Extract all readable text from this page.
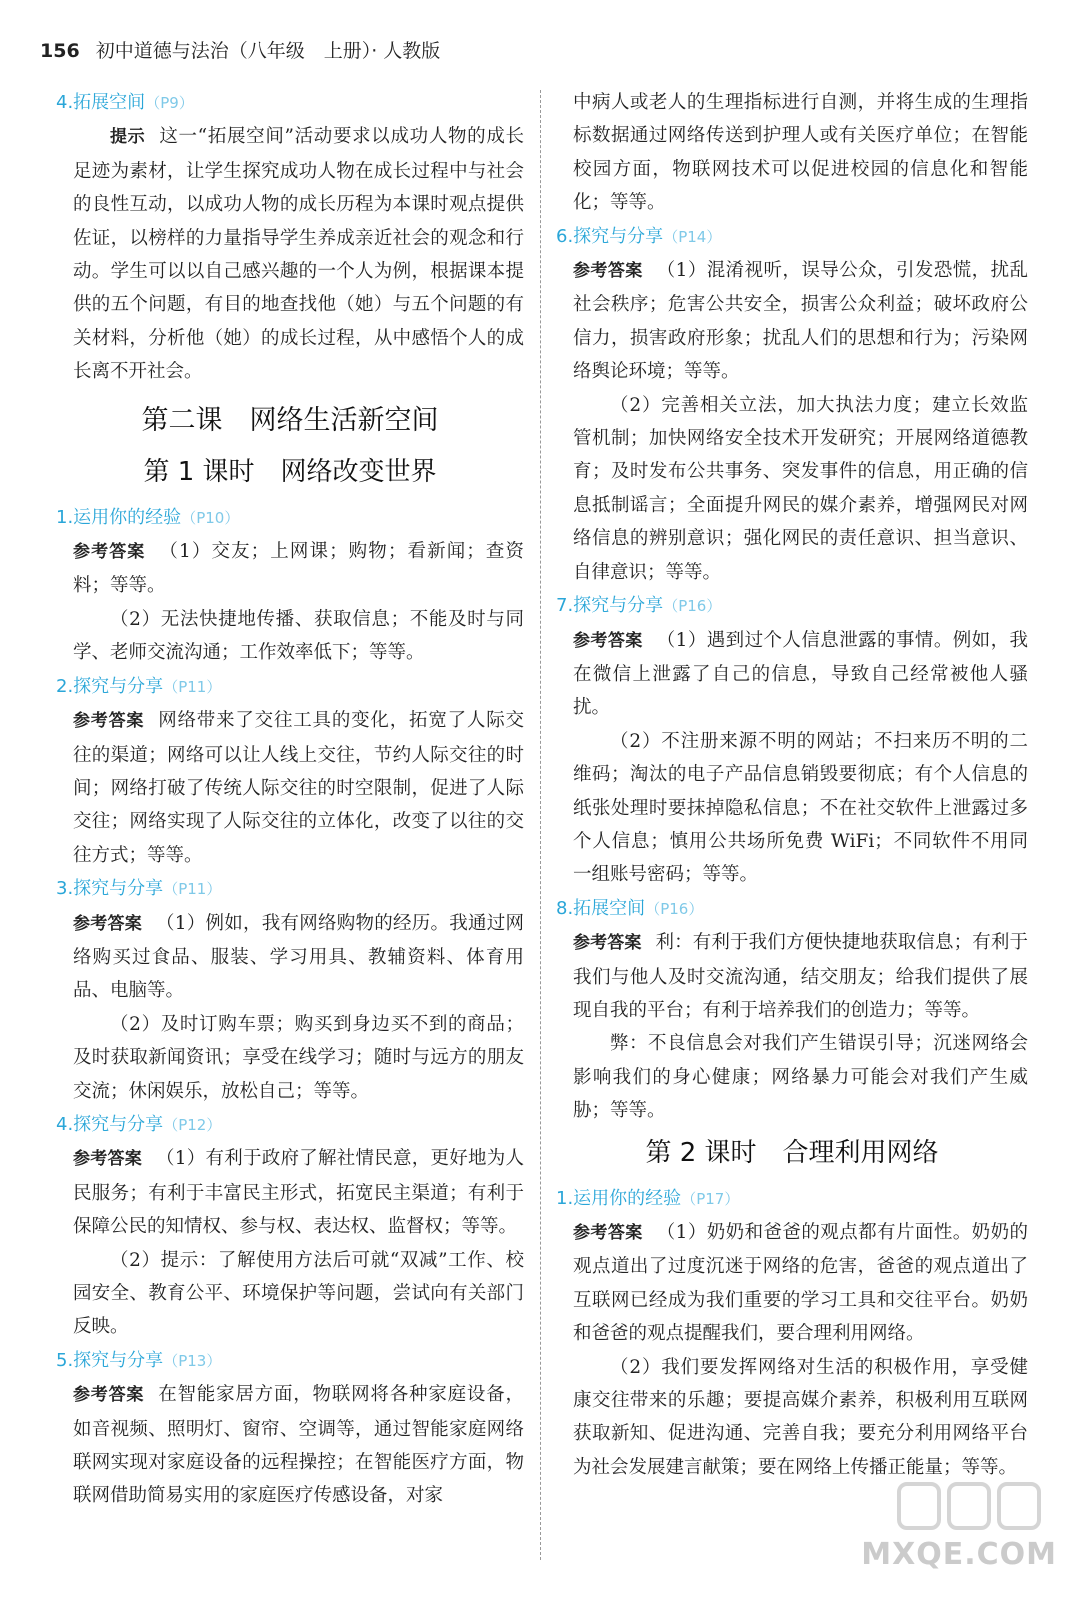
156 初中道德与法治（八年级　上册）· 人教版

4.拓展空间（P9）

提示 这一“拓展空间”活动要求以成功人物的成长足迹为素材，让学生探究成功人物在成长过程中与社会的良性互动，以成功人物的成长历程为本课时观点提供佐证，以榜样的力量指导学生养成亲近社会的观念和行动。学生可以以自己感兴趣的一个人为例，根据课本提供的五个问题，有目的地查找他（她）与五个问题的有关材料，分析他（她）的成长过程，从中感悟个人的成长离不开社会。

第二课　网络生活新空间
第 1 课时　网络改变世界

1.运用你的经验（P10）

参考答案 （1）交友；上网课；购物；看新闻；查资料；等等。

（2）无法快捷地传播、获取信息；不能及时与同学、老师交流沟通；工作效率低下；等等。

2.探究与分享（P11）

参考答案 网络带来了交往工具的变化，拓宽了人际交往的渠道；网络可以让人线上交往，节约人际交往的时间；网络打破了传统人际交往的时空限制，促进了人际交往；网络实现了人际交往的立体化，改变了以往的交往方式；等等。

3.探究与分享（P11）

参考答案 （1）例如，我有网络购物的经历。我通过网络购买过食品、服装、学习用具、教辅资料、体育用品、电脑等。

（2）及时订购车票；购买到身边买不到的商品；及时获取新闻资讯；享受在线学习；随时与远方的朋友交流；休闲娱乐，放松自己；等等。

4.探究与分享（P12）

参考答案 （1）有利于政府了解社情民意，更好地为人民服务；有利于丰富民主形式，拓宽民主渠道；有利于保障公民的知情权、参与权、表达权、监督权；等等。

（2）提示：了解使用方法后可就“双减”工作、校园安全、教育公平、环境保护等问题，尝试向有关部门反映。

5.探究与分享（P13）

参考答案 在智能家居方面，物联网将各种家庭设备，如音视频、照明灯、窗帘、空调等，通过智能家庭网络联网实现对家庭设备的远程操控；在智能医疗方面，物联网借助简易实用的家庭医疗传感设备，对家

中病人或老人的生理指标进行自测，并将生成的生理指标数据通过网络传送到护理人或有关医疗单位；在智能校园方面，物联网技术可以促进校园的信息化和智能化；等等。

6.探究与分享（P14）

参考答案 （1）混淆视听，误导公众，引发恐慌，扰乱社会秩序；危害公共安全，损害公众利益；破坏政府公信力，损害政府形象；扰乱人们的思想和行为；污染网络舆论环境；等等。

（2）完善相关立法，加大执法力度；建立长效监管机制；加快网络安全技术开发研究；开展网络道德教育；及时发布公共事务、突发事件的信息，用正确的信息抵制谣言；全面提升网民的媒介素养，增强网民对网络信息的辨别意识；强化网民的责任意识、担当意识、自律意识；等等。

7.探究与分享（P16）

参考答案 （1）遇到过个人信息泄露的事情。例如，我在微信上泄露了自己的信息，导致自己经常被他人骚扰。

（2）不注册来源不明的网站；不扫来历不明的二维码；淘汰的电子产品信息销毁要彻底；有个人信息的纸张处理时要抹掉隐私信息；不在社交软件上泄露过多个人信息；慎用公共场所免费 WiFi；不同软件不用同一组账号密码；等等。

8.拓展空间（P16）

参考答案 利：有利于我们方便快捷地获取信息；有利于我们与他人及时交流沟通，结交朋友；给我们提供了展现自我的平台；有利于培养我们的创造力；等等。

弊：不良信息会对我们产生错误引导；沉迷网络会影响我们的身心健康；网络暴力可能会对我们产生威胁；等等。

第 2 课时　合理利用网络

1.运用你的经验（P17）

参考答案 （1）奶奶和爸爸的观点都有片面性。奶奶的观点道出了过度沉迷于网络的危害，爸爸的观点道出了互联网已经成为我们重要的学习工具和交往平台。奶奶和爸爸的观点提醒我们，要合理利用网络。

（2）我们要发挥网络对生活的积极作用，享受健康交往带来的乐趣；要提高媒介素养，积极利用互联网获取新知、促进沟通、完善自我；要充分利用网络平台为社会发展建言献策；要在网络上传播正能量；等等。

MXQE.COM
